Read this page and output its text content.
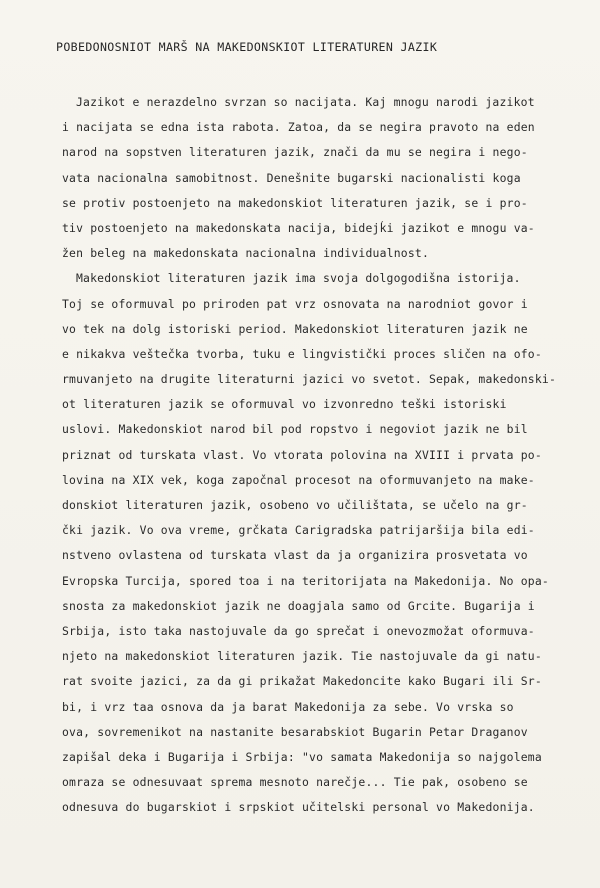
POBEDONOSNIOT MARŠ NA MAKEDONSKIOT LITERATUREN JAZIK
Jazikot e nerazdelno svrzan so nacijata. Kaj mnogu narodi jazikot
i nacijata se edna ista rabota. Zatoa, da se negira pravoto na eden
narod na sopstven literaturen jazik, znači da mu se negira i nego-
vata nacionalna samobitnost. Denešnite bugarski nacionalisti koga
se protiv postoenjeto na makedonskiot literaturen jazik, se i pro-
tiv postoenjeto na makedonskata nacija, bidejḱi jazikot e mnogu va-
žen beleg na makedonskata nacionalna individualnost.
Makedonskiot literaturen jazik ima svoja dolgogodišna istorija.
Toj se oformuval po priroden pat vrz osnovata na narodniot govor i
vo tek na dolg istoriski period. Makedonskiot literaturen jazik ne
e nikakva veštečka tvorba, tuku e lingvistički proces sličen na ofo-
rmuvanjeto na drugite literaturni jazici vo svetot. Sepak, makedonski-
ot literaturen jazik se oformuval vo izvonredno teški istoriski
uslovi. Makedonskiot narod bil pod ropstvo i negoviot jazik ne bil
priznat od turskata vlast. Vo vtorata polovina na XVIII i prvata po-
lovina na XIX vek, koga započnal procesot na oformuvanjeto na make-
donskiot literaturen jazik, osobeno vo učilištata, se učelo na gr-
čki jazik. Vo ova vreme, grčkata Carigradska patrijaršija bila edi-
nstveno ovlastena od turskata vlast da ja organizira prosvetata vo
Evropska Turcija, spored toa i na teritorijata na Makedonija. No opa-
snosta za makedonskiot jazik ne doagjala samo od Grcite. Bugarija i
Srbija, isto taka nastojuvale da go sprečat i onevozmožat oformuva-
njeto na makedonskiot literaturen jazik. Tie nastojuvale da gi natu-
rat svoite jazici, za da gi prikažat Makedoncite kako Bugari ili Sr-
bi, i vrz taa osnova da ja barat Makedonija za sebe. Vo vrska so
ova, sovremenikot na nastanite besarabskiot Bugarin Petar Draganov
zapišal deka i Bugarija i Srbija: "vo samata Makedonija so najgolema
omraza se odnesuvaat sprema mesnoto narečje... Tie pak, osobeno se
odnesuva do bugarskiot i srpskiot učitelski personal vo Makedonija.
